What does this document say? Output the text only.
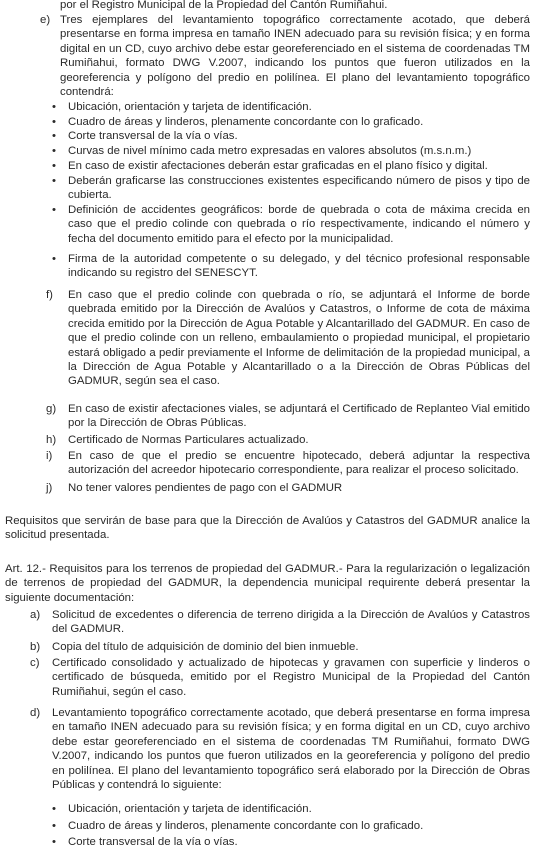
por el Registro Municipal de la Propiedad del Cantón Rumiñahui.

e) Tres ejemplares del levantamiento topográfico correctamente acotado, que deberá presentarse en forma impresa en tamaño INEN adecuado para su revisión física; y en forma digital en un CD, cuyo archivo debe estar georeferenciado en el sistema de coordenadas TM Rumiñahui, formato DWG V.2007, indicando los puntos que fueron utilizados en la georeferencia y polígono del predio en polilínea. El plano del levantamiento topográfico contendrá:
• Ubicación, orientación y tarjeta de identificación.
• Cuadro de áreas y linderos, plenamente concordante con lo graficado.
• Corte transversal de la vía o vías.
• Curvas de nivel mínimo cada metro expresadas en valores absolutos (m.s.n.m.)
• En caso de existir afectaciones deberán estar graficadas en el plano físico y digital.
• Deberán graficarse las construcciones existentes especificando número de pisos y tipo de cubierta.
• Definición de accidentes geográficos: borde de quebrada o cota de máxima crecida en caso que el predio colinde con quebrada o río respectivamente, indicando el número y fecha del documento emitido para el efecto por la municipalidad.
• Firma de la autoridad competente o su delegado, y del técnico profesional responsable indicando su registro del SENESCYT.
f) En caso que el predio colinde con quebrada o río, se adjuntará el Informe de borde quebrada emitido por la Dirección de Avalúos y Catastros, o Informe de cota de máxima crecida emitido por la Dirección de Agua Potable y Alcantarillado del GADMUR. En caso de que el predio colinde con un relleno, embaulamiento o propiedad municipal, el propietario estará obligado a pedir previamente el Informe de delimitación de la propiedad municipal, a la Dirección de Agua Potable y Alcantarillado o a la Dirección de Obras Públicas del GADMUR, según sea el caso.
g) En caso de existir afectaciones viales, se adjuntará el Certificado de Replanteo Vial emitido por la Dirección de Obras Públicas.
h) Certificado de Normas Particulares actualizado.
i) En caso de que el predio se encuentre hipotecado, deberá adjuntar la respectiva autorización del acreedor hipotecario correspondiente, para realizar el proceso solicitado.
j) No tener valores pendientes de pago con el GADMUR

Requisitos que servirán de base para que la Dirección de Avalúos y Catastros del GADMUR analice la solicitud presentada.

Art. 12.- Requisitos para los terrenos de propiedad del GADMUR.- Para la regularización o legalización de terrenos de propiedad del GADMUR, la dependencia municipal requirente deberá presentar la siguiente documentación:

a) Solicitud de excedentes o diferencia de terreno dirigida a la Dirección de Avalúos y Catastros del GADMUR.
b) Copia del título de adquisición de dominio del bien inmueble.
c) Certificado consolidado y actualizado de hipotecas y gravamen con superficie y linderos o certificado de búsqueda, emitido por el Registro Municipal de la Propiedad del Cantón Rumiñahui, según el caso.
d) Levantamiento topográfico correctamente acotado, que deberá presentarse en forma impresa en tamaño INEN adecuado para su revisión física; y en forma digital en un CD, cuyo archivo debe estar georeferenciado en el sistema de coordenadas TM Rumiñahui, formato DWG V.2007, indicando los puntos que fueron utilizados en la georeferencia y polígono del predio en polilínea. El plano del levantamiento topográfico será elaborado por la Dirección de Obras Públicas y contendrá lo siguiente:
• Ubicación, orientación y tarjeta de identificación.
• Cuadro de áreas y linderos, plenamente concordante con lo graficado.
• Corte transversal de la vía o vías.
